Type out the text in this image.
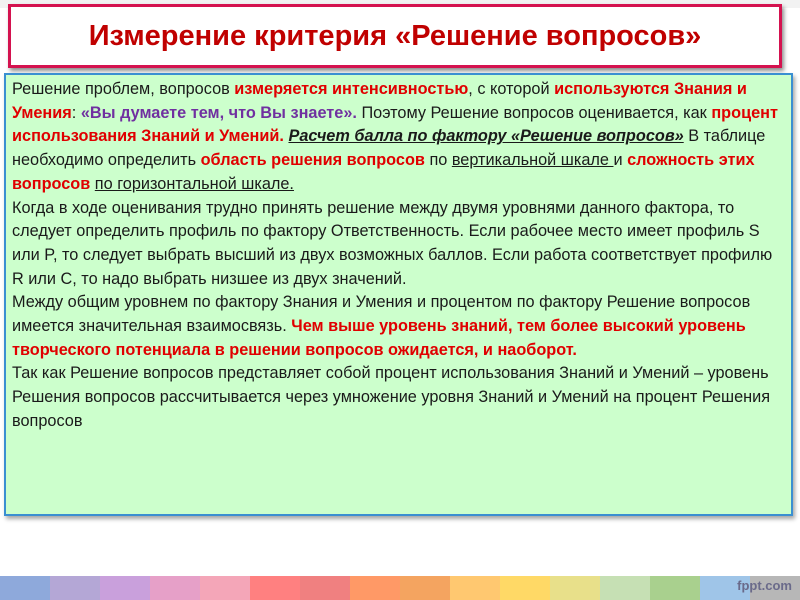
Измерение критерия «Решение вопросов»

Решение проблем, вопросов измеряется интенсивностью, с которой используются Знания и Умения: «Вы думаете тем, что Вы знаете». Поэтому Решение вопросов оценивается, как процент использования Знаний и Умений. Расчет балла по фактору «Решение вопросов» В таблице необходимо определить область решения вопросов по вертикальной шкале и сложность этих вопросов по горизонтальной шкале.

Когда в ходе оценивания трудно принять решение между двумя уровнями данного фактора, то следует определить профиль по фактору Ответственность. Если рабочее место имеет профиль S или P, то следует выбрать высший из двух возможных баллов. Если работа соответствует профилю R или C, то надо выбрать низшее из двух значений.

Между общим уровнем по фактору Знания и Умения и процентом по фактору Решение вопросов имеется значительная взаимосвязь. Чем выше уровень знаний, тем более высокий уровень творческого потенциала в решении вопросов ожидается, и наоборот.

Так как Решение вопросов представляет собой процент использования Знаний и Умений – уровень Решения вопросов рассчитывается через умножение уровня Знаний и Умений на процент Решения вопросов

fppt.com
